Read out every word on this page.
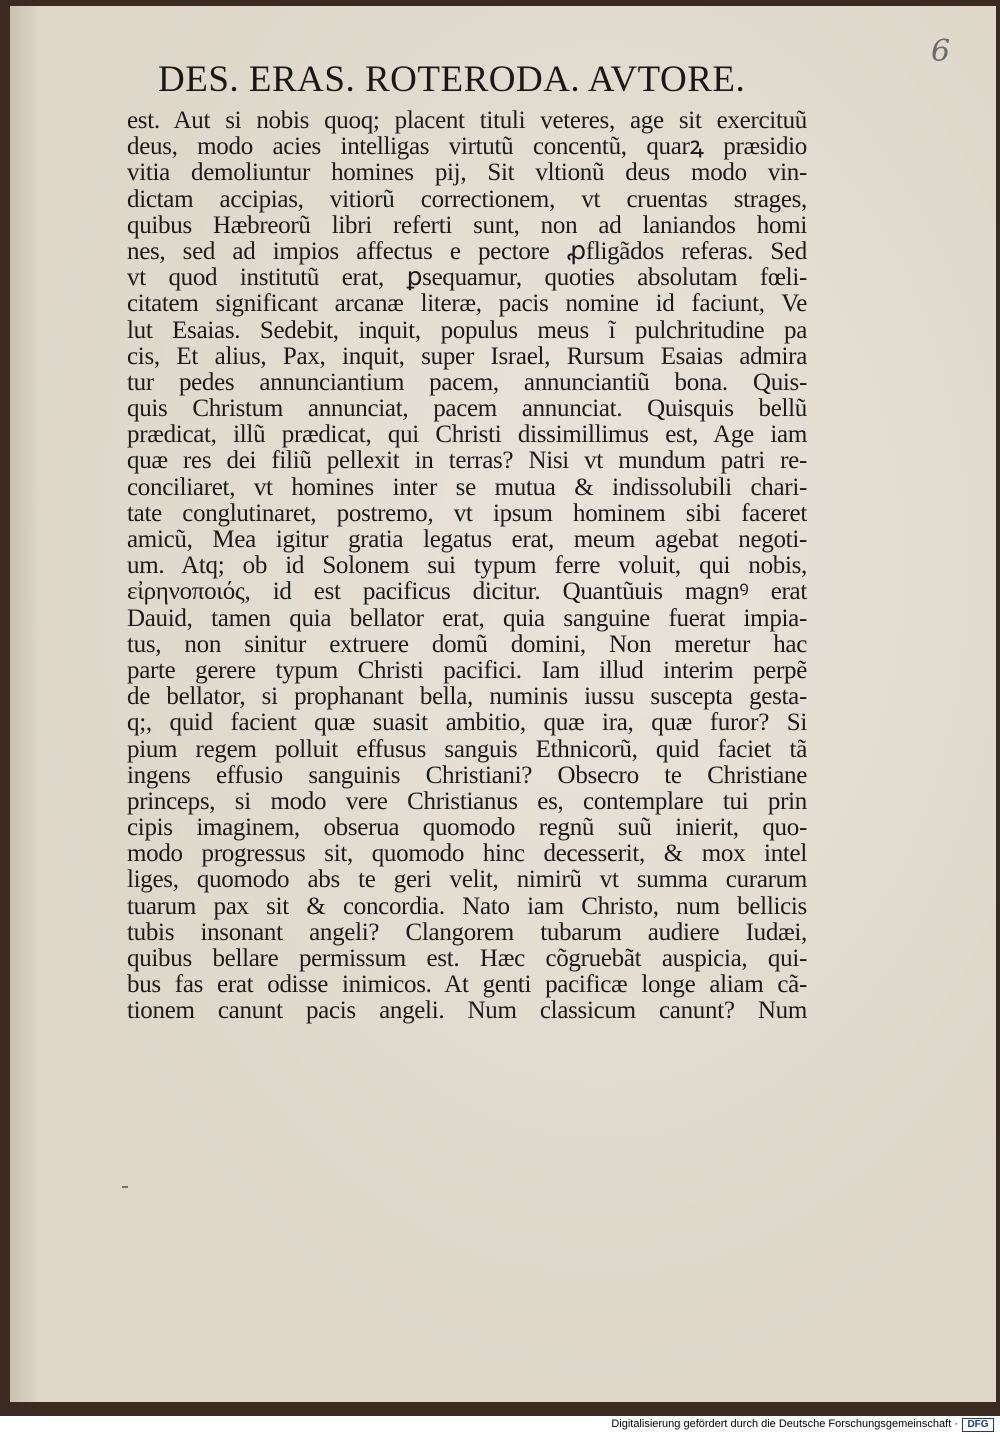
6
DES. ERAS. ROTERODA. AVTORE.
est. Aut si nobis quoq; placent tituli veteres, age sit exercituũ
deus, modo acies intelligas virtutũ concentũ, quarꝝ præsidio
vitia demoliuntur homines pij, Sit vltionũ deus modo vin-
dictam accipias, vitiorũ correctionem, vt cruentas strages,
quibus Hæbreorũ libri referti sunt, non ad laniandos homi
nes, sed ad impios affectus e pectore ꝓfligãdos referas. Sed
vt quod institutũ erat, ꝑsequamur, quoties absolutam fœli-
citatem significant arcanæ literæ, pacis nomine id faciunt, Ve
lut Esaias. Sedebit, inquit, populus meus ĩ pulchritudine pa
cis, Et alius, Pax, inquit, super Israel, Rursum Esaias admira
tur pedes annunciantium pacem, annunciantiũ bona. Quis-
quis Christum annunciat, pacem annunciat. Quisquis bellũ
prædicat, illũ prædicat, qui Christi dissimillimus est, Age iam
quæ res dei filiũ pellexit in terras? Nisi vt mundum patri re-
conciliaret, vt homines inter se mutua & indissolubili chari-
tate conglutinaret, postremo, vt ipsum hominem sibi faceret
amicũ, Mea igitur gratia legatus erat, meum agebat negoti-
um. Atq; ob id Solonem sui typum ferre voluit, qui nobis,
εἰρηνοποιός, id est pacificus dicitur. Quantũuis magnꝰ erat
Dauid, tamen quia bellator erat, quia sanguine fuerat impia-
tus, non sinitur extruere domũ domini, Non meretur hac
parte gerere typum Christi pacifici. Iam illud interim perpẽ
de bellator, si prophanant bella, numinis iussu suscepta gesta-
q;, quid facient quæ suasit ambitio, quæ ira, quæ furor? Si
pium regem polluit effusus sanguis Ethnicorũ, quid faciet tã
ingens effusio sanguinis Christiani? Obsecro te Christiane
princeps, si modo vere Christianus es, contemplare tui prin
cipis imaginem, obserua quomodo regnũ suũ inierit, quo-
modo progressus sit, quomodo hinc decesserit, & mox intel
liges, quomodo abs te geri velit, nimirũ vt summa curarum
tuarum pax sit & concordia. Nato iam Christo, num bellicis
tubis insonant angeli? Clangorem tubarum audiere Iudæi,
quibus bellare permissum est. Hæc cõgruebãt auspicia, qui-
bus fas erat odisse inimicos. At genti pacificæ longe aliam cã-
tionem canunt pacis angeli. Num classicum canunt? Num
Digitalisierung gefördert durch die Deutsche Forschungsgemeinschaft · DFG
